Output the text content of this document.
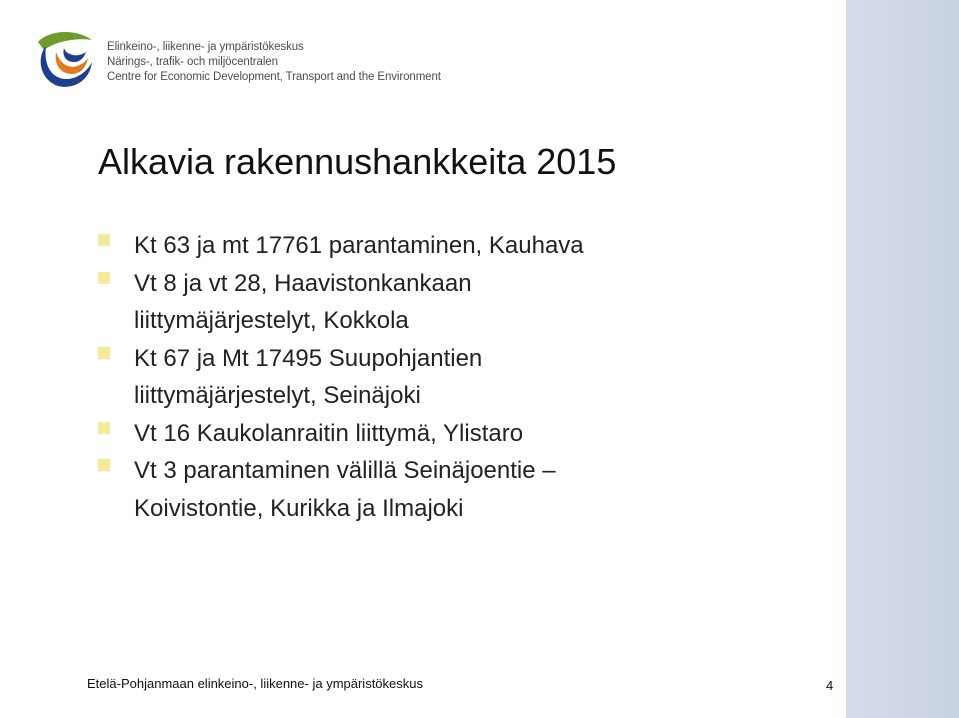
Elinkeino-, liikenne- ja ympäristökeskus
Närings-, trafik- och miljöcentralen
Centre for Economic Development, Transport and the Environment
Alkavia rakennushankkeita 2015
Kt 63 ja mt 17761 parantaminen, Kauhava
Vt 8 ja vt 28, Haavistonkankaan
liittymäjärjestelyt, Kokkola
Kt 67 ja Mt 17495 Suupohjantien
liittymäjärjestelyt, Seinäjoki
Vt 16 Kaukolanraitin liittymä, Ylistaro
Vt 3 parantaminen välillä Seinäjoentie –
Koivistontie, Kurikka ja Ilmajoki
Etelä-Pohjanmaan elinkeino-, liikenne- ja ympäristökeskus	4
